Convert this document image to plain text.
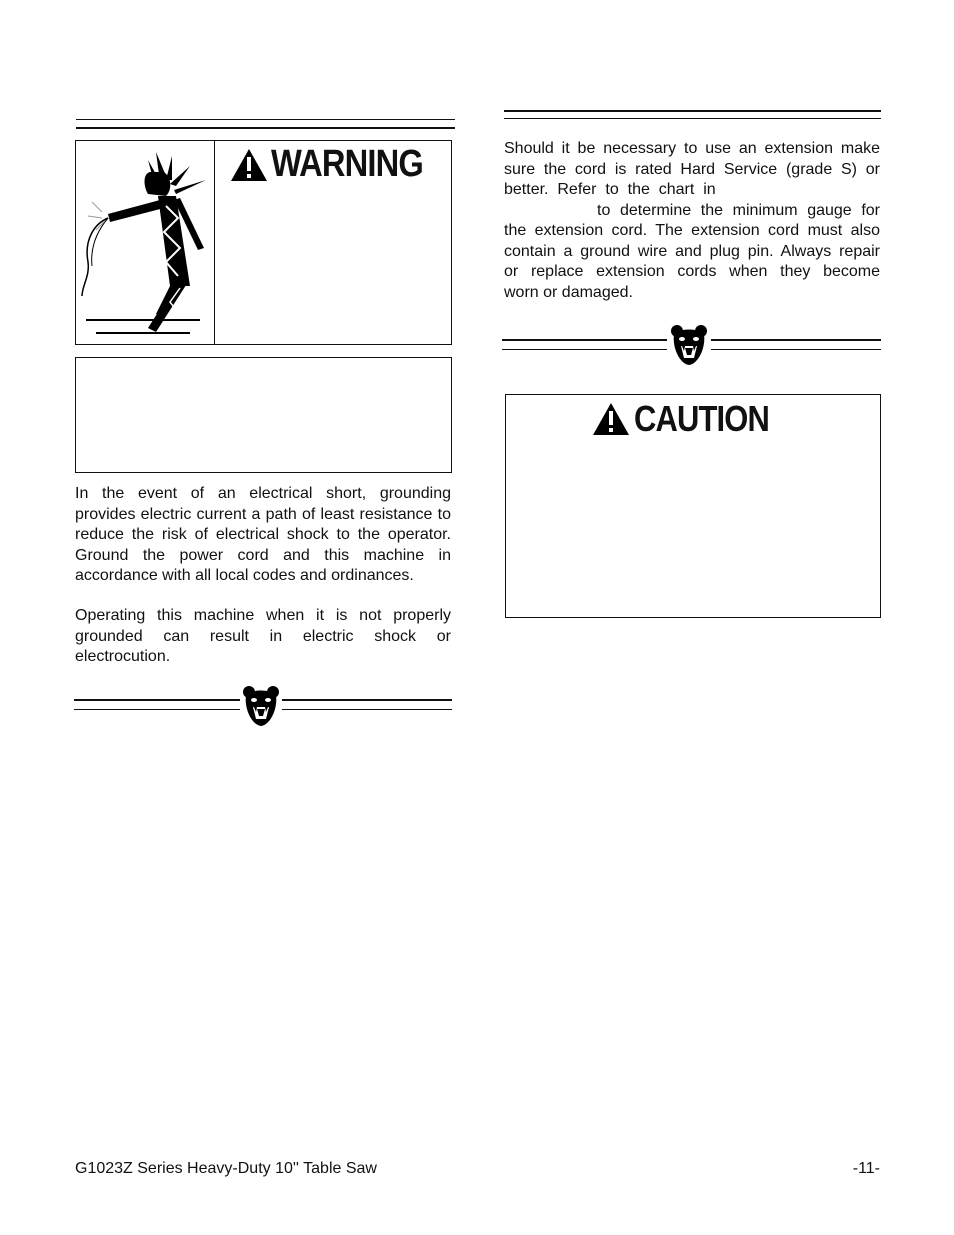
WARNING

In the event of an electrical short, grounding provides electric current a path of least resistance to reduce the risk of electrical shock to the operator. Ground the power cord and this machine in accordance with all local codes and ordinances.

Operating this machine when it is not properly grounded can result in electric shock or electrocution.

Should it be necessary to use an extension make
sure the cord is rated Hard Service (grade S) or
better.  Refer  to  the  chart  in
to determine the minimum gauge for
the extension cord. The extension cord must also
contain a ground wire and plug pin. Always repair
or  replace  extension  cords  when  they  become
worn or damaged.
CAUTION
G1023Z Series Heavy-Duty 10'' Table Saw	-11-
